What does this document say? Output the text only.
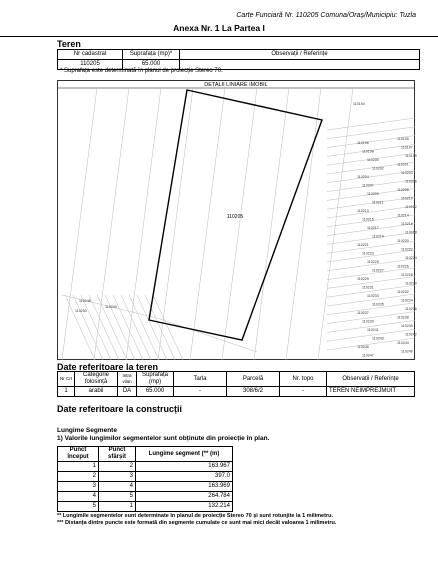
Carte Funciară Nr. 110205 Comuna/Oraș/Municipiu: Tuzla
Anexa Nr. 1 La Partea I
Teren
Nr cadastral	Suprafața (mp)*	Observații / Referințe
110205	65.000	
* Suprafața este determinată în planul de proiecție Stereo 70.
DETALII LINIARE IMOBIL
110205
110194
110195
110196
110197
110198
110199
110200
110201
110202
110203
110204
110206
110207
110208
110209
110210
110211
110212
110213
110214
110215
110216
110217
110218
110219
110220
110221
110222
110223
110224
110225
110226
110227
110228
110229
110230
110231
110232
110233
110234
110235
110236
110237
110238
110239
110240
110241
110242
110243
110244
110245
110246
110247
110248
110249
110250
Date referitoare la teren
Nr Crt	Categorie folosință	Intra vilan	Suprafața (mp)	Tarla	Parcelă	Nr. topo	Observații / Referințe
1	arabil	DA	65.000	-	308/6/2	-	TEREN NEIMPREJMUIT
Date referitoare la construcții
Lungime Segmente
1) Valorile lungimilor segmentelor sunt obținute din proiecție în plan.
Punct început	Punct sfârșit	Lungime segment (** (m)
1	2	163.967
2	3	397.0
3	4	163.969
4	5	264.784
5	1	132.214
** Lungimile segmentelor sunt determinate în planul de proiecție Stereo 70 și sunt rotunjite la 1 milimetru.
*** Distanța dintre puncte este formată din segmente cumulate ce sunt mai mici decât valoarea 1 milimetru.
